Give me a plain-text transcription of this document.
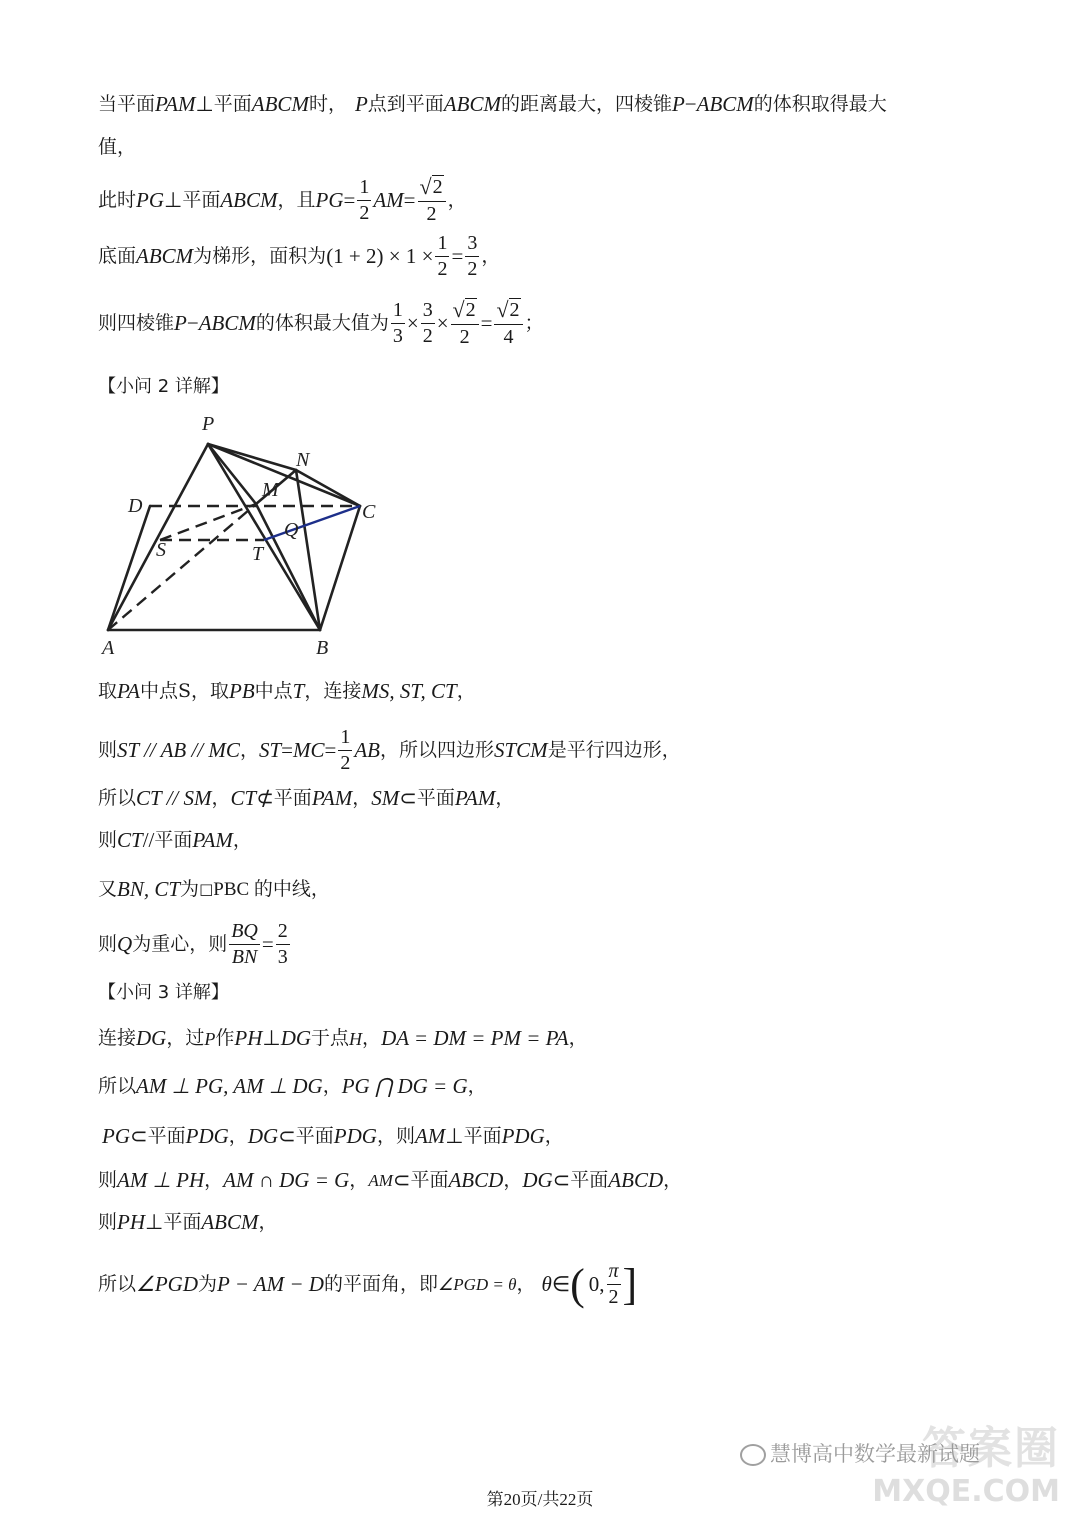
当平面 PAM ⊥ 平面 ABCM 时， P 点到平面 ABCM 的距离最大，四棱锥 P − ABCM 的体积取得最大
值，
此时 PG ⊥ 平面 ABCM ，且 PG = $\frac{1}{2}$ AM = $\frac{√ 2}{2}$ ，
底面 ABCM 为梯形，面积为 $(1 + 2) \times 1 \times \frac{1}{2} = \frac{3}{2}$ ，
则四棱锥 P − ABCM 的体积最大值为 $\frac{1}{3} \times \frac{3}{2} \times \frac{√ 2}{2} = \frac{√ 2}{4}$ ；
【小问 2 详解】
P
N
D
M
C
Q
S	T
A	B
取 PA 中点S，取 PB 中点 T ，连接 MS, ST, CT ，
则 ST // AB // MC ， ST = MC = $\frac{1}{2}$ AB ，所以四边形 STCM 是平行四边形，
所以 CT // SM ， CT ⊄ 平面 PAM ， SM ⊂ 平面 PAM ，
则 CT // 平面 PAM ，
又 BN, CT 为 □ PBC 的中线，
则 Q 为重心，则 $\frac{BQ}{BN} = \frac{2}{3}$
【小问 3 详解】
连接 DG ，过 P 作 PH ⊥ DG 于点 H ， DA = DM = PM = PA ，
所以 AM ⊥ PG, AM ⊥ DG ， PG ⋂ DG = G ，
PG ⊂ 平面 PDG ， DG ⊂ 平面 PDG ，则 AM ⊥ 平面 PDG ，
则 AM ⊥ PH ， AM ∩ DG = G ， AM ⊂ 平面 ABCD ， DG ⊂ 平面 ABCD ，
则 PH ⊥ 平面 ABCM ，
所以 ∠PGD 为 P − AM − D 的平面角，即 ∠PGD = θ ， θ ∈ ( 0, $\frac{\pi}{2}$ ]
答案圈
慧博高中数学最新试题
MXQE.COM
第20页/共22页
